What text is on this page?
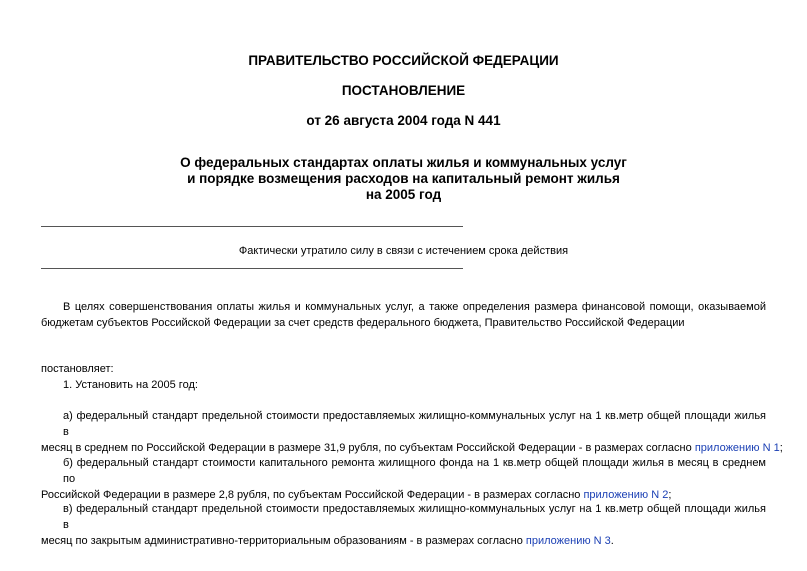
ПРАВИТЕЛЬСТВО РОССИЙСКОЙ ФЕДЕРАЦИИ
ПОСТАНОВЛЕНИЕ
от 26 августа 2004 года N 441
О федеральных стандартах оплаты жилья и коммунальных услуг
и порядке возмещения расходов на капитальный ремонт жилья
на 2005 год
Фактически утратило силу в связи с истечением срока действия
В целях совершенствования оплаты жилья и коммунальных услуг, а также определения размера финансовой помощи, оказываемой
бюджетам субъектов Российской Федерации за счет средств федерального бюджета, Правительство Российской Федерации
постановляет:
1. Установить на 2005 год:
а) федеральный стандарт предельной стоимости предоставляемых жилищно-коммунальных услуг на 1 кв.метр общей площади жилья в
месяц в среднем по Российской Федерации в размере 31,9 рубля, по субъектам Российской Федерации - в размерах согласно приложению N 1;
б) федеральный стандарт стоимости капитального ремонта жилищного фонда на 1 кв.метр общей площади жилья в месяц в среднем по
Российской Федерации в размере 2,8 рубля, по субъектам Российской Федерации - в размерах согласно приложению N 2;
в) федеральный стандарт предельной стоимости предоставляемых жилищно-коммунальных услуг на 1 кв.метр общей площади жилья в
месяц по закрытым административно-территориальным образованиям - в размерах согласно приложению N 3.
